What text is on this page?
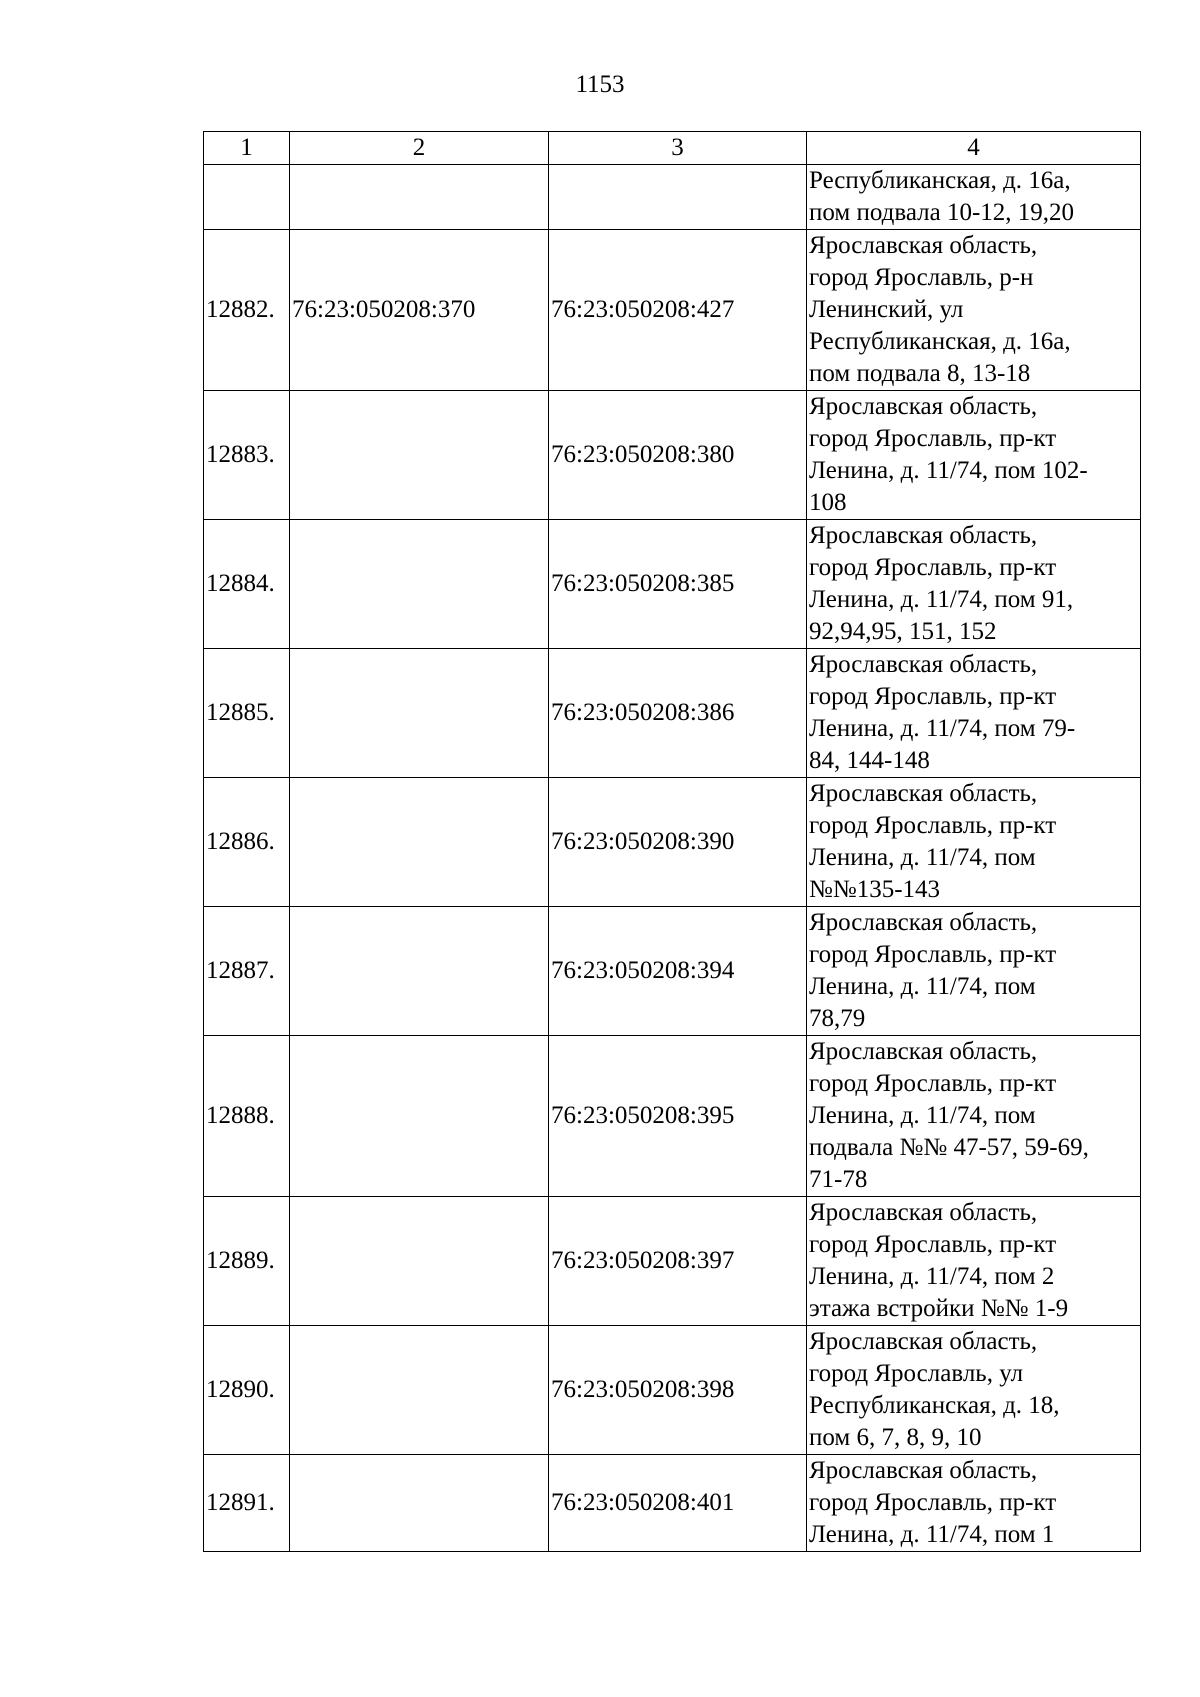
1153
1	2	3	4
			Республиканская, д. 16а,
пом подвала 10-12, 19,20
12882.	76:23:050208:370	76:23:050208:427	Ярославская область,
город Ярославль, р-н
Ленинский, ул
Республиканская, д. 16а,
пом подвала 8, 13-18
12883.		76:23:050208:380	Ярославская область,
город Ярославль, пр-кт
Ленина, д. 11/74, пом 102-
108
12884.		76:23:050208:385	Ярославская область,
город Ярославль, пр-кт
Ленина, д. 11/74, пом 91,
92,94,95, 151, 152
12885.		76:23:050208:386	Ярославская область,
город Ярославль, пр-кт
Ленина, д. 11/74, пом 79-
84, 144-148
12886.		76:23:050208:390	Ярославская область,
город Ярославль, пр-кт
Ленина, д. 11/74, пом
№№135-143
12887.		76:23:050208:394	Ярославская область,
город Ярославль, пр-кт
Ленина, д. 11/74, пом
78,79
12888.		76:23:050208:395	Ярославская область,
город Ярославль, пр-кт
Ленина, д. 11/74, пом
подвала №№ 47-57, 59-69,
71-78
12889.		76:23:050208:397	Ярославская область,
город Ярославль, пр-кт
Ленина, д. 11/74, пом 2
этажа встройки №№ 1-9
12890.		76:23:050208:398	Ярославская область,
город Ярославль, ул
Республиканская, д. 18,
пом 6, 7, 8, 9, 10
12891.		76:23:050208:401	Ярославская область,
город Ярославль, пр-кт
Ленина, д. 11/74, пом 1
